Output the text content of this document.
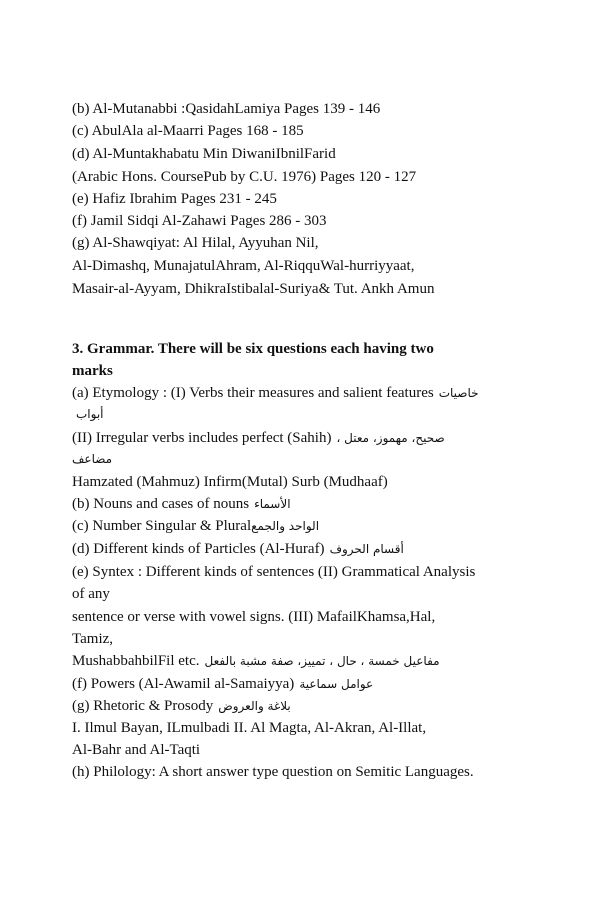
(b) Al-Mutanabbi :QasidahLamiya Pages 139 - 146
(c) AbulAla al-Maarri Pages 168 - 185
(d) Al-Muntakhabatu Min DiwaniIbnilFarid
(Arabic Hons. CoursePub by C.U. 1976) Pages 120 - 127
(e) Hafiz Ibrahim Pages 231 - 245
(f) Jamil Sidqi Al-Zahawi Pages 286 - 303
(g) Al-Shawqiyat: Al Hilal, Ayyuhan Nil,
Al-Dimashq, MunajatulAhram, Al-RiqquWal-hurriyyaat,
Masair-al-Ayyam, DhikraIstibalal-Suriya& Tut. Ankh Amun
3. Grammar. There will be six questions each having two
marks
(a) Etymology : (I) Verbs their measures and salient features خاصيات
أبواب
(II) Irregular verbs includes perfect (Sahih) صحيح، مهموز، معتل ،
مضاعف
Hamzated (Mahmuz) Infirm(Mutal) Surb (Mudhaaf)
(b) Nouns and cases of nouns الأسماء
(c) Number Singular & Pluralالواحد والجمع
(d) Different kinds of Particles (Al-Huraf) أقسام الحروف
(e) Syntex : Different kinds of sentences (II) Grammatical Analysis
of any
sentence or verse with vowel signs. (III) MafailKhamsa,Hal,
Tamiz,
MushabbahbilFil etc. مفاعيل خمسة ، حال ، تمييز، صفة مشبة بالفعل
(f) Powers (Al-Awamil al-Samaiyya) عوامل سماعية
(g) Rhetoric & Prosody بلاغة والعروض
I. Ilmul Bayan, ILmulbadi II. Al Magta, Al-Akran, Al-Illat,
Al-Bahr and Al-Taqti
(h) Philology: A short answer type question on Semitic Languages.
